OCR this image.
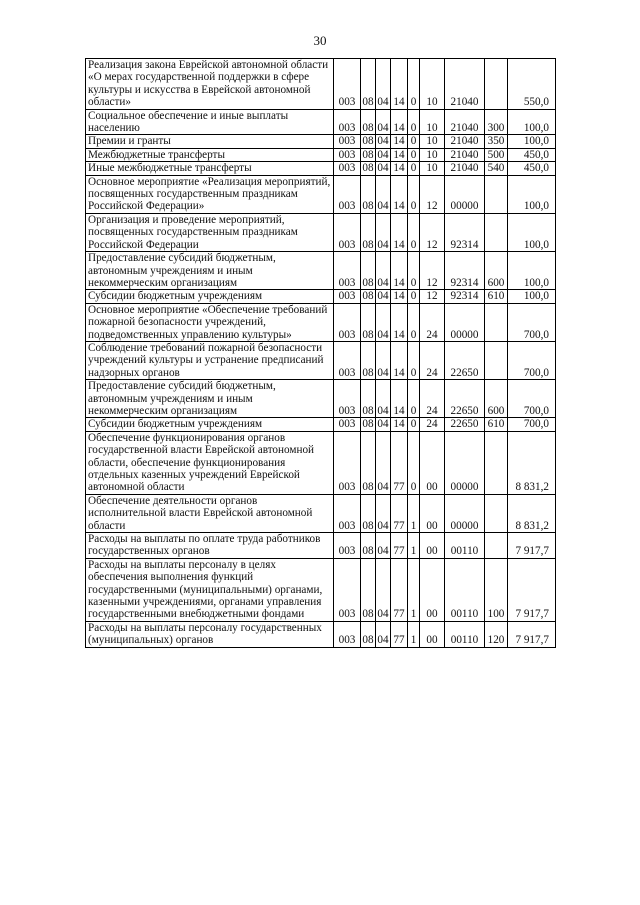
30
Реализация закона Еврейской автономной области «О мерах государственной поддержки в сфере культуры и искусства в Еврейской автономной области»	003	08	04	14	0	10	21040		550,0
Социальное обеспечение и иные выплаты населению	003	08	04	14	0	10	21040	300	100,0
Премии и гранты	003	08	04	14	0	10	21040	350	100,0
Межбюджетные трансферты	003	08	04	14	0	10	21040	500	450,0
Иные межбюджетные трансферты	003	08	04	14	0	10	21040	540	450,0
Основное мероприятие «Реализация мероприятий, посвященных государственным праздникам Российской Федерации»	003	08	04	14	0	12	00000		100,0
Организация и проведение мероприятий, посвященных государственным праздникам Российской Федерации	003	08	04	14	0	12	92314		100,0
Предоставление субсидий бюджетным, автономным учреждениям и иным некоммерческим организациям	003	08	04	14	0	12	92314	600	100,0
Субсидии бюджетным учреждениям	003	08	04	14	0	12	92314	610	100,0
Основное мероприятие «Обеспечение требований пожарной безопасности учреждений, подведомственных управлению культуры»	003	08	04	14	0	24	00000		700,0
Соблюдение требований пожарной безопасности учреждений культуры и устранение предписаний надзорных органов	003	08	04	14	0	24	22650		700,0
Предоставление субсидий бюджетным, автономным учреждениям и иным некоммерческим организациям	003	08	04	14	0	24	22650	600	700,0
Субсидии бюджетным учреждениям	003	08	04	14	0	24	22650	610	700,0
Обеспечение функционирования органов государственной власти Еврейской автономной области, обеспечение функционирования отдельных казенных учреждений Еврейской автономной области	003	08	04	77	0	00	00000		8 831,2
Обеспечение деятельности органов исполнительной власти Еврейской автономной области	003	08	04	77	1	00	00000		8 831,2
Расходы на выплаты по оплате труда работников государственных органов	003	08	04	77	1	00	00110		7 917,7
Расходы на выплаты персоналу в целях обеспечения выполнения функций государственными (муниципальными) органами, казенными учреждениями, органами управления государственными внебюджетными фондами	003	08	04	77	1	00	00110	100	7 917,7
Расходы на выплаты персоналу государственных (муниципальных) органов	003	08	04	77	1	00	00110	120	7 917,7
